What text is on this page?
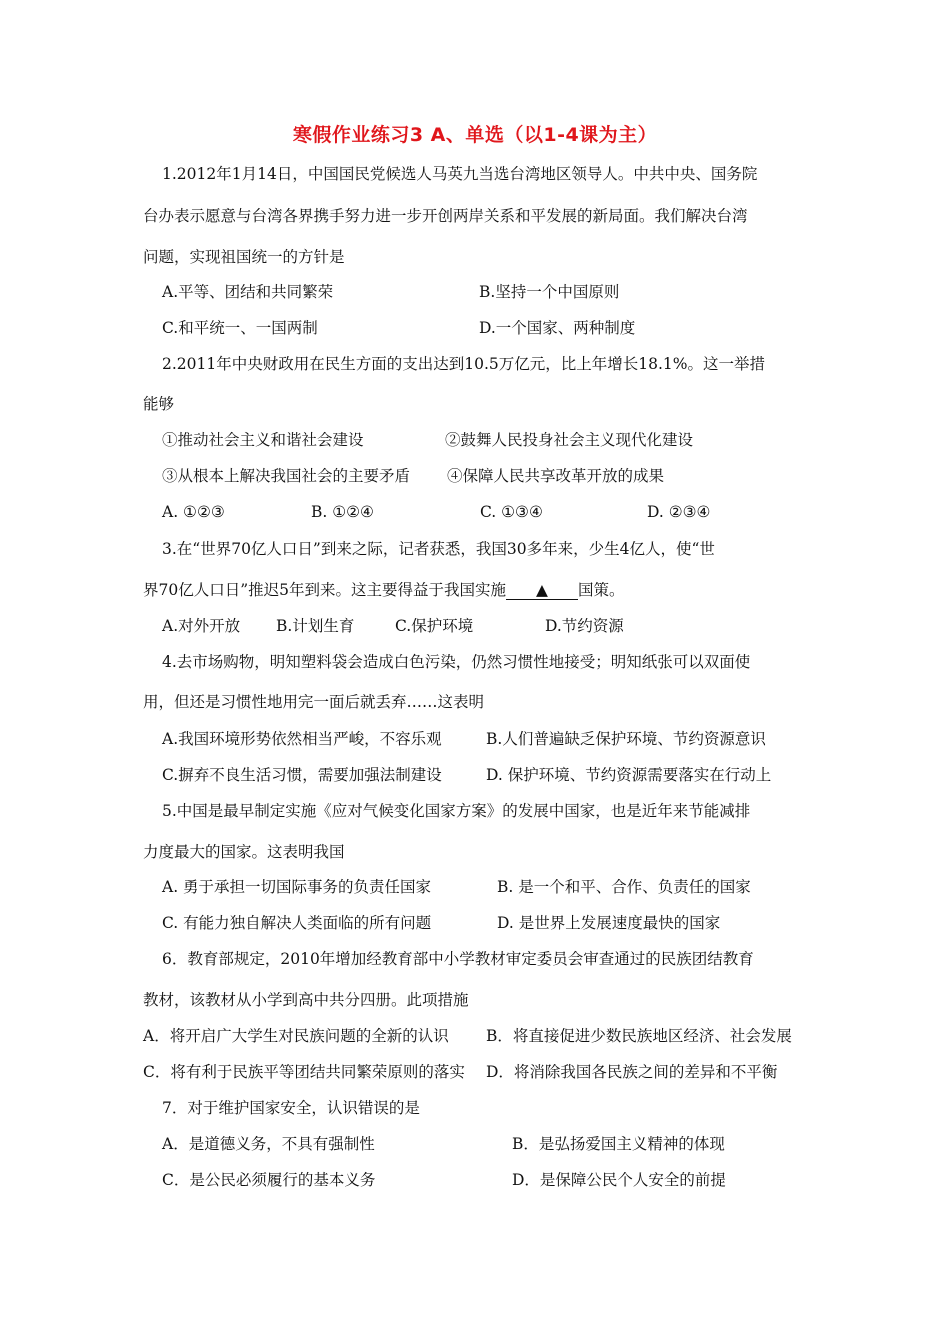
寒假作业练习3 A、单选（以1-4课为主）
1.2012年1月14日，中国国民党候选人马英九当选台湾地区领导人。中共中央、国务院
台办表示愿意与台湾各界携手努力进一步开创两岸关系和平发展的新局面。我们解决台湾
问题，实现祖国统一的方针是
A.平等、团结和共同繁荣	B.坚持一个中国原则
C.和平统一、一国两制	D.一个国家、两种制度
2.2011年中央财政用在民生方面的支出达到10.5万亿元，比上年增长18.1%。这一举措
能够
①推动社会主义和谐社会建设	②鼓舞人民投身社会主义现代化建设
③从根本上解决我国社会的主要矛盾 ④保障人民共享改革开放的成果
A. ①②③	B. ①②④	C. ①③④	D. ②③④
3.在“世界70亿人口日”到来之际，记者获悉，我国30多年来，少生4亿人，使“世
界70亿人口日”推迟5年到来。这主要得益于我国实施 ▲ 国策。
A.对外开放 B.计划生育	C.保护环境	D.节约资源
4.去市场购物，明知塑料袋会造成白色污染，仍然习惯性地接受；明知纸张可以双面使
用，但还是习惯性地用完一面后就丢弃……这表明
A.我国环境形势依然相当严峻，不容乐观	B.人们普遍缺乏保护环境、节约资源意识
C.摒弃不良生活习惯，需要加强法制建设	D. 保护环境、节约资源需要落实在行动上
5.中国是最早制定实施《应对气候变化国家方案》的发展中国家，也是近年来节能减排
力度最大的国家。这表明我国
A. 勇于承担一切国际事务的负责任国家	B. 是一个和平、合作、负责任的国家
C. 有能力独自解决人类面临的所有问题	D. 是世界上发展速度最快的国家
6．教育部规定，2010年增加经教育部中小学教材审定委员会审查通过的民族团结教育
教材，该教材从小学到高中共分四册。此项措施
A．将开启广大学生对民族问题的全新的认识 B．将直接促进少数民族地区经济、社会发展
C．将有利于民族平等团结共同繁荣原则的落实 D．将消除我国各民族之间的差异和不平衡
7．对于维护国家安全，认识错误的是
A．是道德义务，不具有强制性	B．是弘扬爱国主义精神的体现
C．是公民必须履行的基本义务	D．是保障公民个人安全的前提
